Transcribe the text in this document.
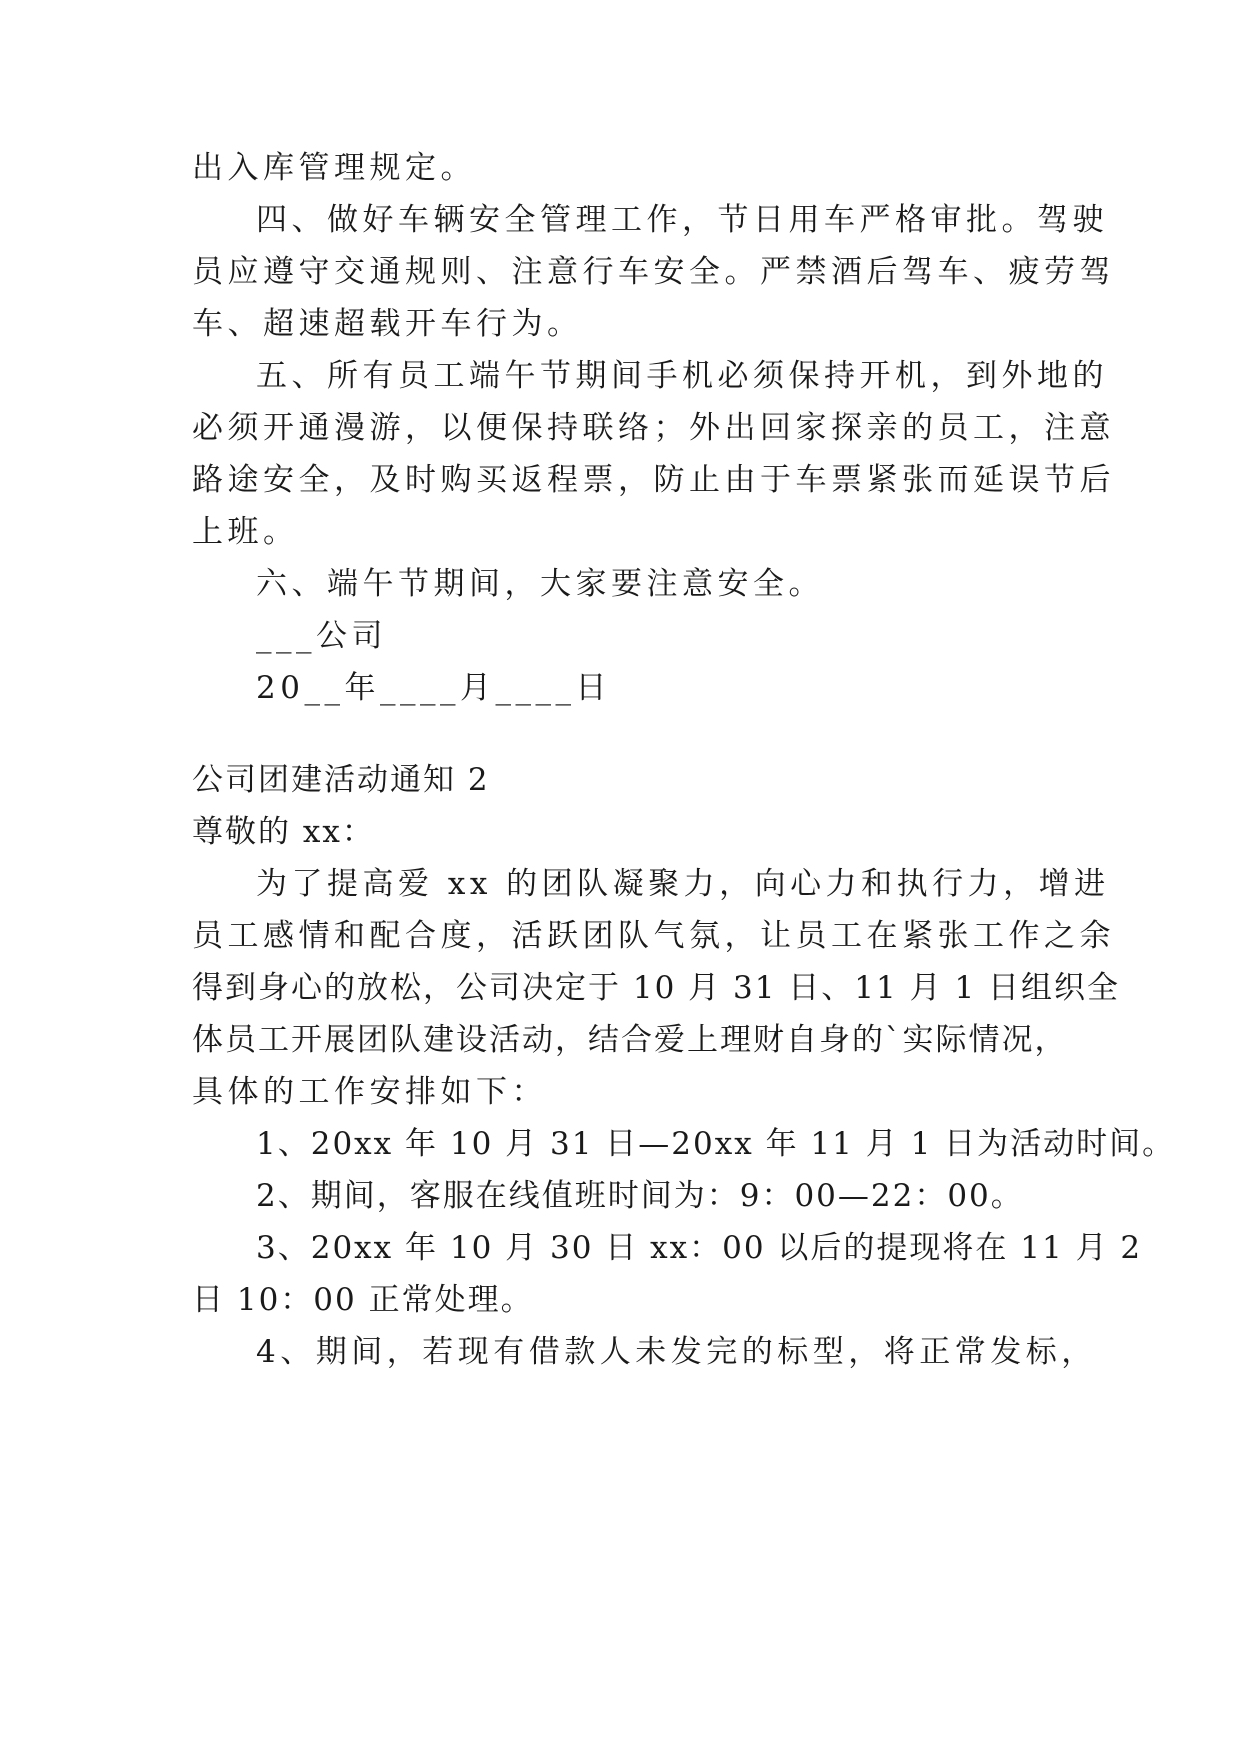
出入库管理规定。
四、做好车辆安全管理工作，节日用车严格审批。驾驶
员应遵守交通规则、注意行车安全。严禁酒后驾车、疲劳驾
车、超速超载开车行为。
五、所有员工端午节期间手机必须保持开机，到外地的
必须开通漫游，以便保持联络；外出回家探亲的员工，注意
路途安全，及时购买返程票，防止由于车票紧张而延误节后
上班。
六、端午节期间，大家要注意安全。
___公司
20__年____月____日
公司团建活动通知 2
尊敬的 xx：
为了提高爱 xx 的团队凝聚力，向心力和执行力，增进
员工感情和配合度，活跃团队气氛，让员工在紧张工作之余
得到身心的放松，公司决定于 10 月 31 日、11 月 1 日组织全
体员工开展团队建设活动，结合爱上理财自身的`实际情况，
具体的工作安排如下：
1、20xx 年 10 月 31 日—20xx 年 11 月 1 日为活动时间。
2、期间，客服在线值班时间为：9：00—22：00。
3、20xx 年 10 月 30 日 xx：00 以后的提现将在 11 月 2
日 10：00 正常处理。
4、期间，若现有借款人未发完的标型，将正常发标，
